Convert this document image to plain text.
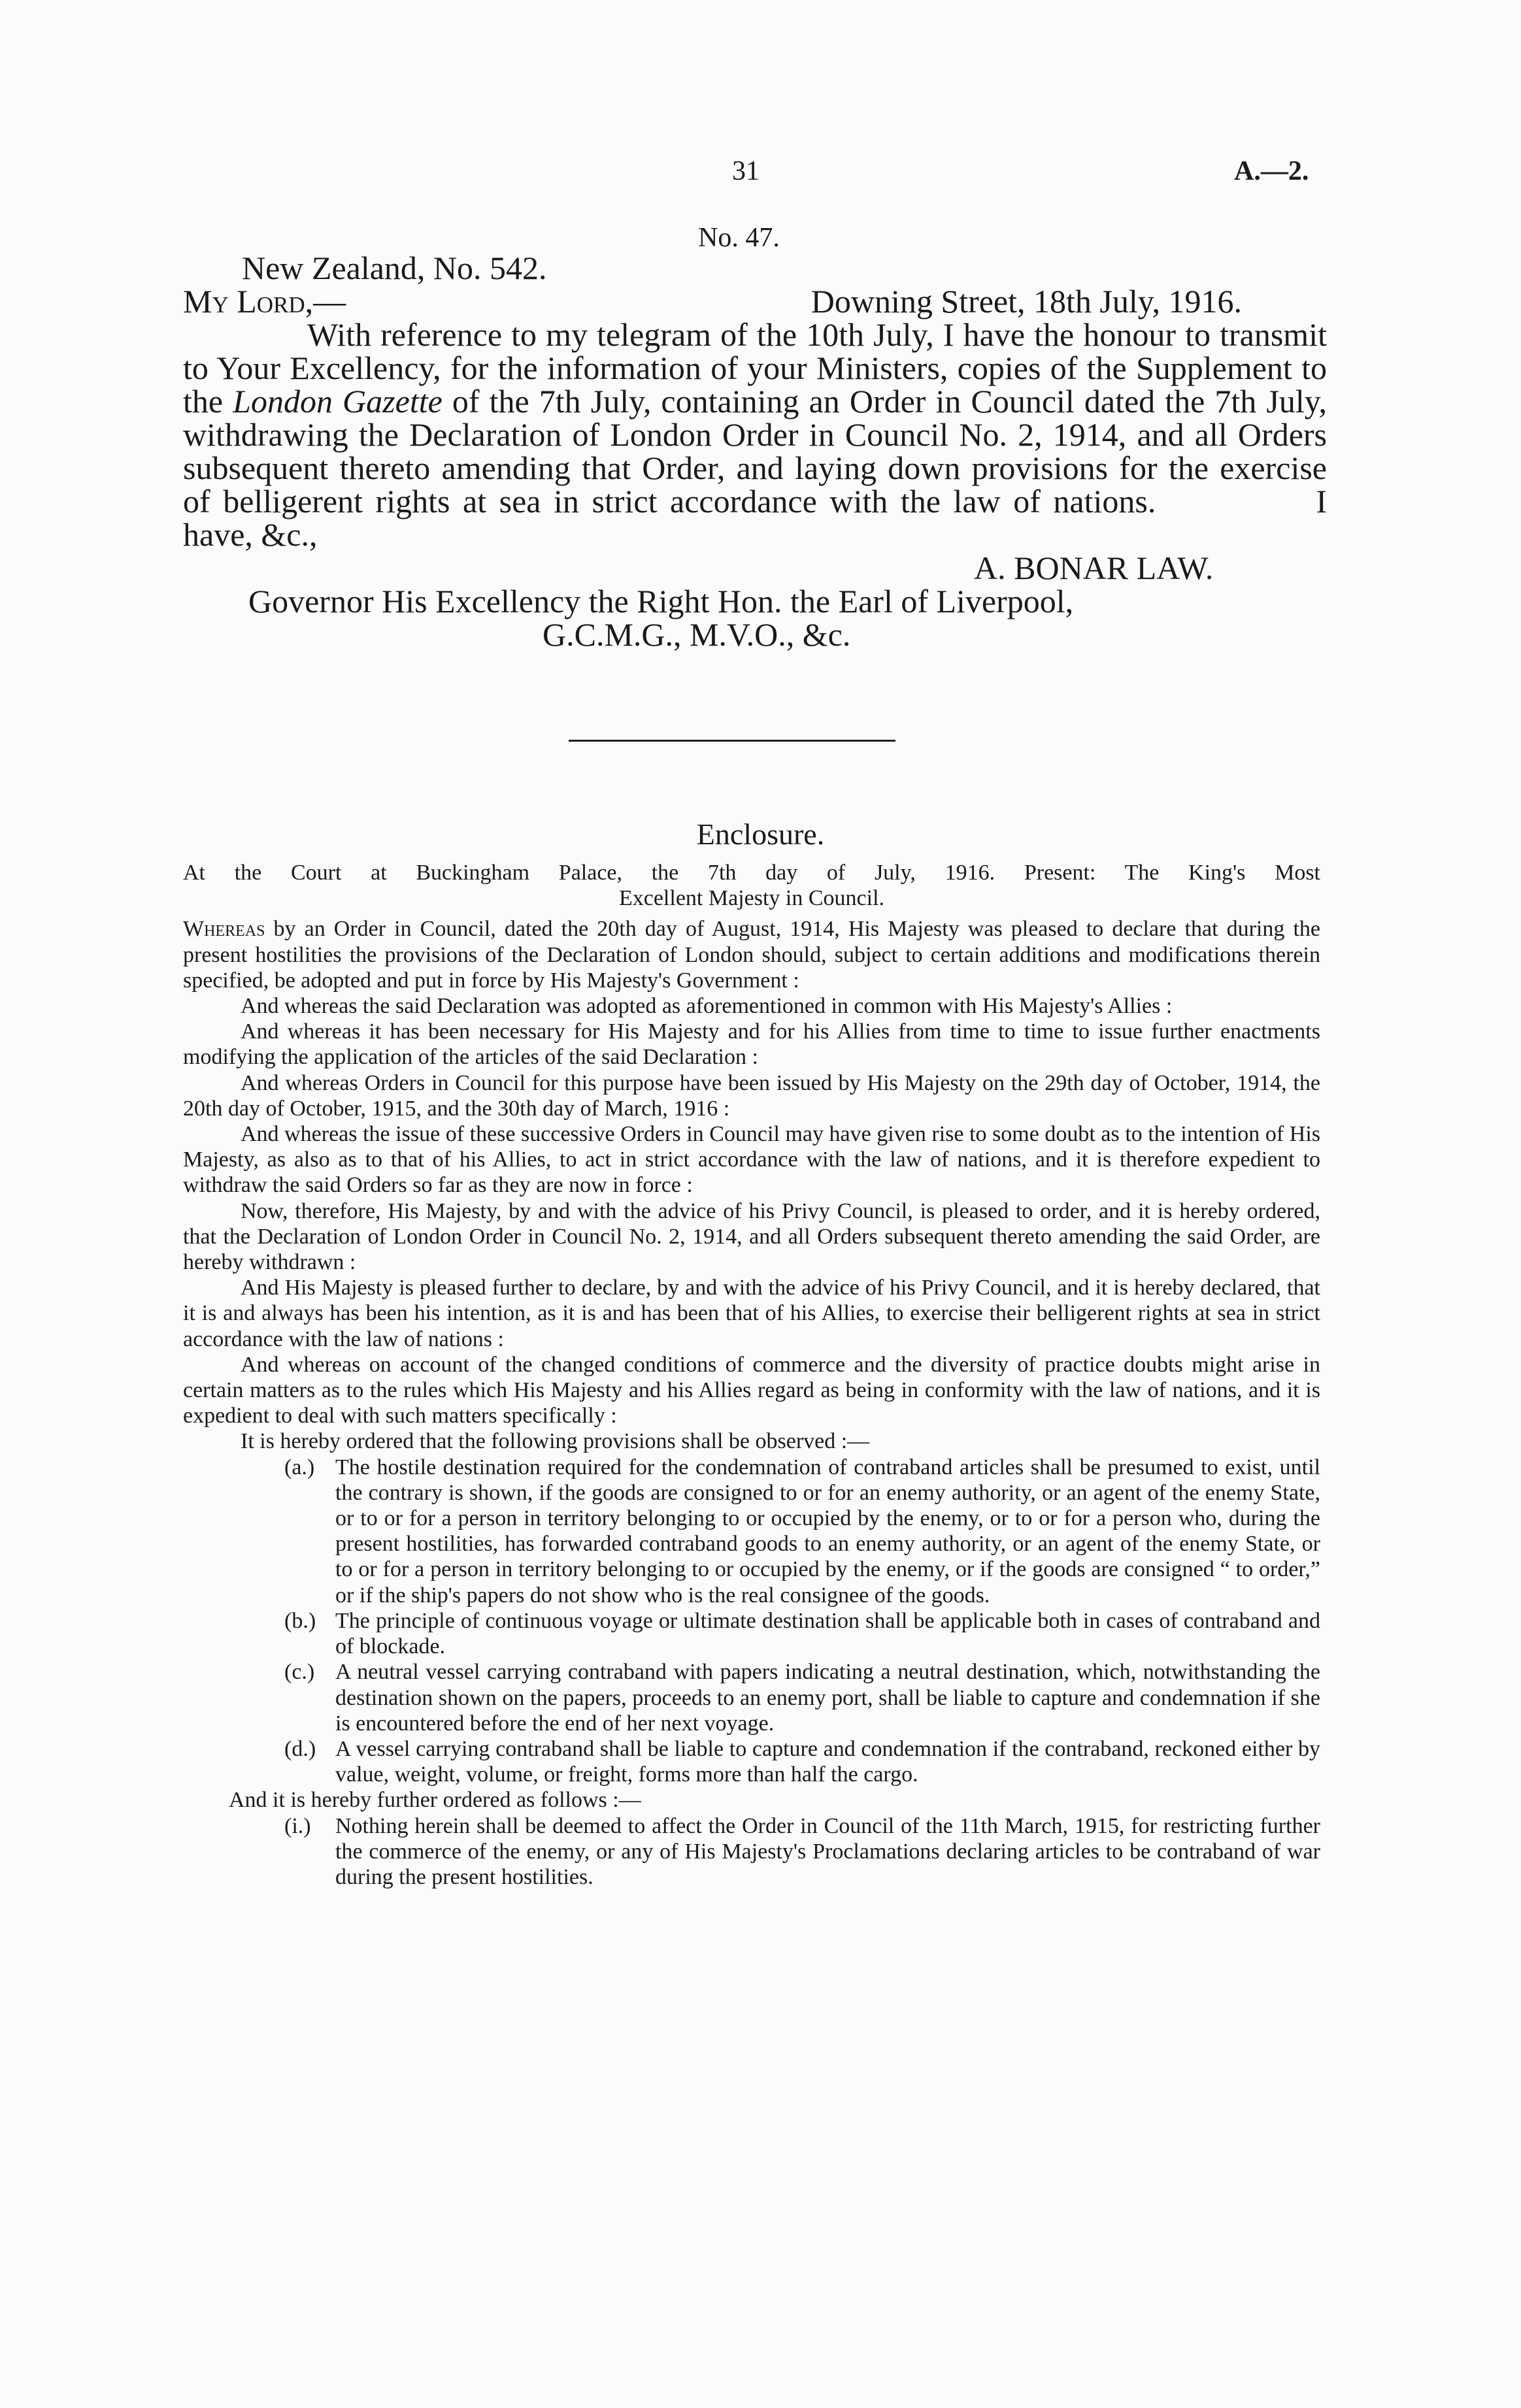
31	A.—2.
No. 47.

New Zealand, No. 542.

My Lord,—	Downing Street, 18th July, 1916.

With reference to my telegram of the 10th July, I have the honour to transmit to Your Excellency, for the information of your Ministers, copies of the Supplement to the London Gazette of the 7th July, containing an Order in Council dated the 7th July, withdrawing the Declaration of London Order in Council No. 2, 1914, and all Orders subsequent thereto amending that Order, and laying down provisions for the exercise of belligerent rights at sea in strict accordance with the law of nations.	I have, &c.,

A. BONAR LAW.

Governor His Excellency the Right Hon. the Earl of Liverpool,

G.C.M.G., M.V.O., &c.

Enclosure.

At the Court at Buckingham Palace, the 7th day of July, 1916. Present: The King's Most

Excellent Majesty in Council.

Whereas by an Order in Council, dated the 20th day of August, 1914, His Majesty was pleased to declare that during the present hostilities the provisions of the Declaration of London should, subject to certain additions and modifications therein specified, be adopted and put in force by His Majesty's Government :

And whereas the said Declaration was adopted as aforementioned in common with His Majesty's Allies :

And whereas it has been necessary for His Majesty and for his Allies from time to time to issue further enactments modifying the application of the articles of the said Declaration :

And whereas Orders in Council for this purpose have been issued by His Majesty on the 29th day of October, 1914, the 20th day of October, 1915, and the 30th day of March, 1916 :

And whereas the issue of these successive Orders in Council may have given rise to some doubt as to the intention of His Majesty, as also as to that of his Allies, to act in strict accordance with the law of nations, and it is therefore expedient to withdraw the said Orders so far as they are now in force :

Now, therefore, His Majesty, by and with the advice of his Privy Council, is pleased to order, and it is hereby ordered, that the Declaration of London Order in Council No. 2, 1914, and all Orders subsequent thereto amending the said Order, are hereby withdrawn :

And His Majesty is pleased further to declare, by and with the advice of his Privy Council, and it is hereby declared, that it is and always has been his intention, as it is and has been that of his Allies, to exercise their belligerent rights at sea in strict accordance with the law of nations :

And whereas on account of the changed conditions of commerce and the diversity of practice doubts might arise in certain matters as to the rules which His Majesty and his Allies regard as being in conformity with the law of nations, and it is expedient to deal with such matters specifically :

It is hereby ordered that the following provisions shall be observed :—

(a.) The hostile destination required for the condemnation of contraband articles shall be presumed to exist, until the contrary is shown, if the goods are consigned to or for an enemy authority, or an agent of the enemy State, or to or for a person in territory belonging to or occupied by the enemy, or to or for a person who, during the present hostilities, has forwarded contraband goods to an enemy authority, or an agent of the enemy State, or to or for a person in territory belonging to or occupied by the enemy, or if the goods are consigned “ to order,” or if the ship's papers do not show who is the real consignee of the goods.
(b.) The principle of continuous voyage or ultimate destination shall be applicable both in cases of contraband and of blockade.
(c.) A neutral vessel carrying contraband with papers indicating a neutral destination, which, notwithstanding the destination shown on the papers, proceeds to an enemy port, shall be liable to capture and condemnation if she is encountered before the end of her next voyage.
(d.) A vessel carrying contraband shall be liable to capture and condemnation if the contraband, reckoned either by value, weight, volume, or freight, forms more than half the cargo.

And it is hereby further ordered as follows :—

(i.)	Nothing herein shall be deemed to affect the Order in Council of the 11th March, 1915, for restricting further the commerce of the enemy, or any of His Majesty's Proclamations declaring articles to be contraband of war during the present hostilities.
